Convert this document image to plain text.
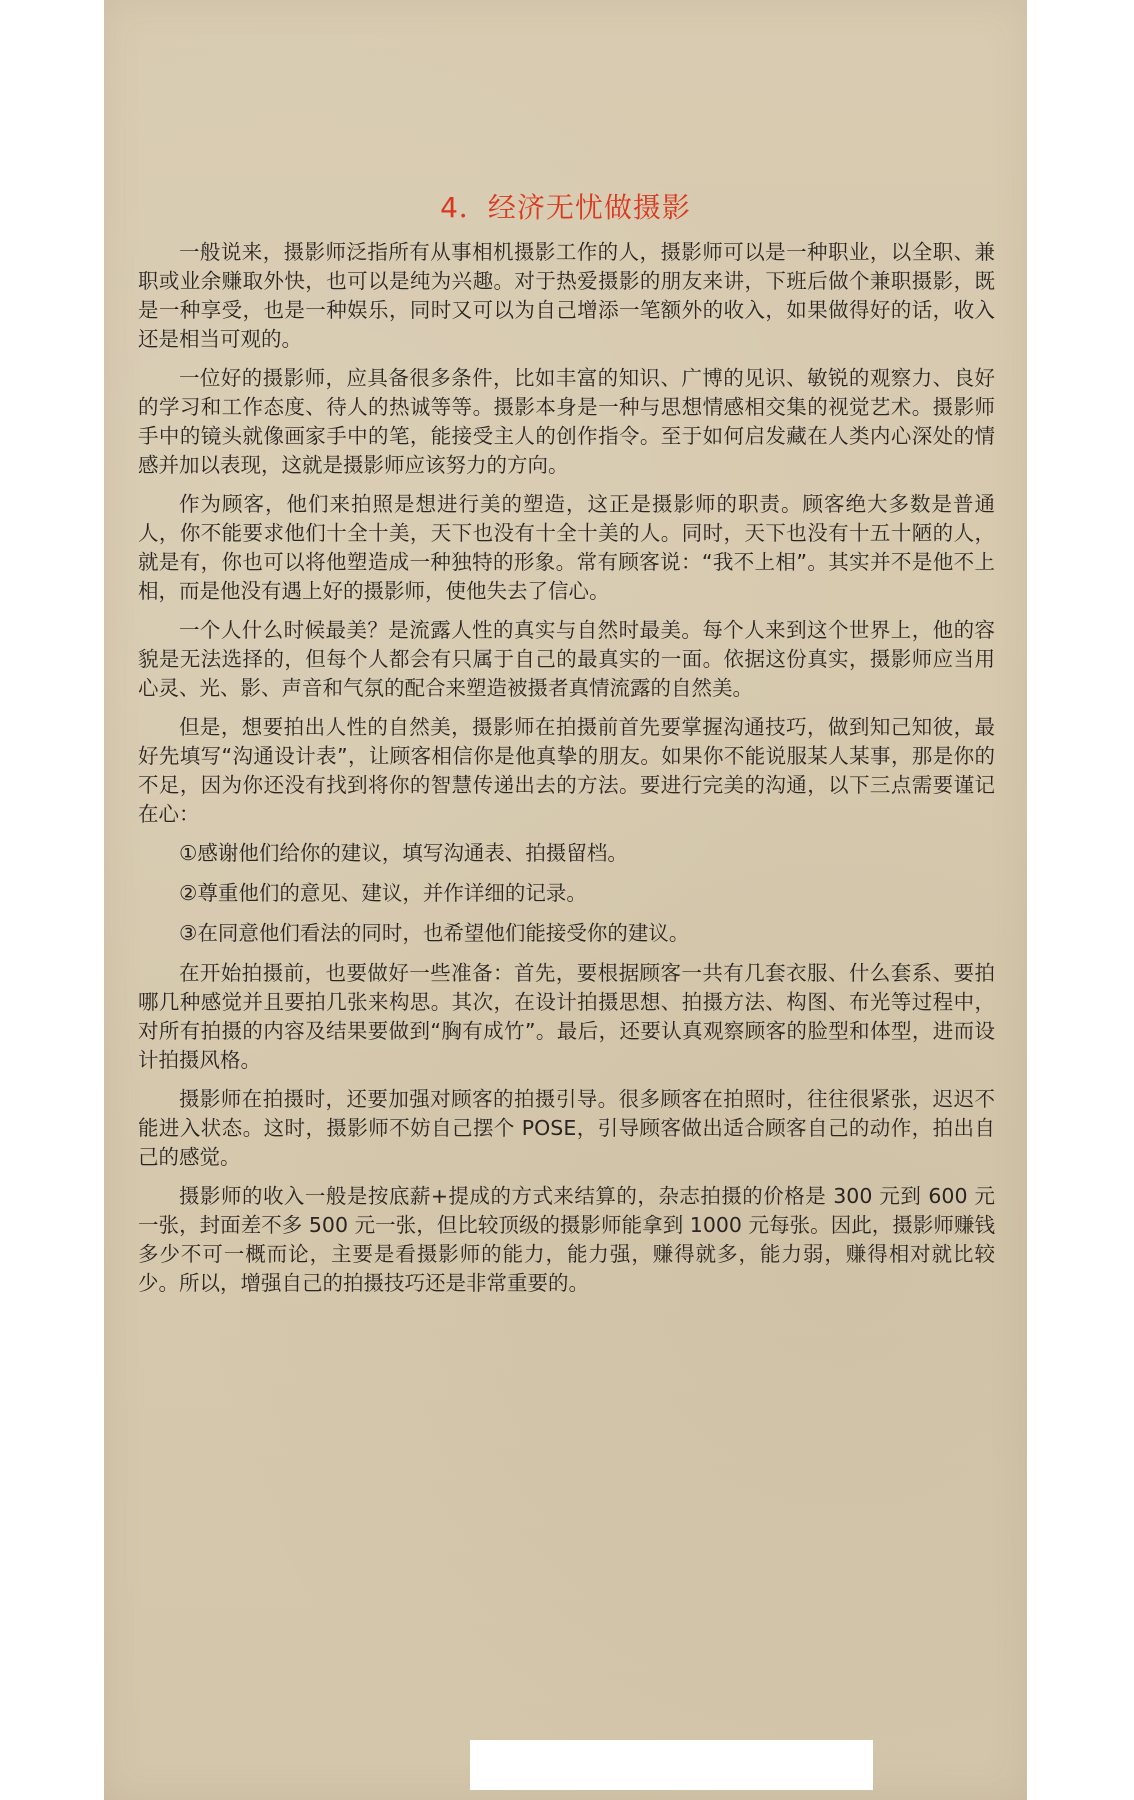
4．经济无忧做摄影

一般说来，摄影师泛指所有从事相机摄影工作的人，摄影师可以是一种职业，以全职、兼职或业余赚取外快，也可以是纯为兴趣。对于热爱摄影的朋友来讲，下班后做个兼职摄影，既是一种享受，也是一种娱乐，同时又可以为自己增添一笔额外的收入，如果做得好的话，收入还是相当可观的。

一位好的摄影师，应具备很多条件，比如丰富的知识、广博的见识、敏锐的观察力、良好的学习和工作态度、待人的热诚等等。摄影本身是一种与思想情感相交集的视觉艺术。摄影师手中的镜头就像画家手中的笔，能接受主人的创作指令。至于如何启发藏在人类内心深处的情感并加以表现，这就是摄影师应该努力的方向。

作为顾客，他们来拍照是想进行美的塑造，这正是摄影师的职责。顾客绝大多数是普通人，你不能要求他们十全十美，天下也没有十全十美的人。同时，天下也没有十五十陋的人，就是有，你也可以将他塑造成一种独特的形象。常有顾客说：“我不上相”。其实并不是他不上相，而是他没有遇上好的摄影师，使他失去了信心。

一个人什么时候最美？是流露人性的真实与自然时最美。每个人来到这个世界上，他的容貌是无法选择的，但每个人都会有只属于自己的最真实的一面。依据这份真实，摄影师应当用心灵、光、影、声音和气氛的配合来塑造被摄者真情流露的自然美。

但是，想要拍出人性的自然美，摄影师在拍摄前首先要掌握沟通技巧，做到知己知彼，最好先填写“沟通设计表”，让顾客相信你是他真挚的朋友。如果你不能说服某人某事，那是你的不足，因为你还没有找到将你的智慧传递出去的方法。要进行完美的沟通，以下三点需要谨记在心：

①感谢他们给你的建议，填写沟通表、拍摄留档。

②尊重他们的意见、建议，并作详细的记录。

③在同意他们看法的同时，也希望他们能接受你的建议。

在开始拍摄前，也要做好一些准备：首先，要根据顾客一共有几套衣服、什么套系、要拍哪几种感觉并且要拍几张来构思。其次，在设计拍摄思想、拍摄方法、构图、布光等过程中，对所有拍摄的内容及结果要做到“胸有成竹”。最后，还要认真观察顾客的脸型和体型，进而设计拍摄风格。

摄影师在拍摄时，还要加强对顾客的拍摄引导。很多顾客在拍照时，往往很紧张，迟迟不能进入状态。这时，摄影师不妨自己摆个 POSE，引导顾客做出适合顾客自己的动作，拍出自己的感觉。

摄影师的收入一般是按底薪+提成的方式来结算的，杂志拍摄的价格是 300 元到 600 元一张，封面差不多 500 元一张，但比较顶级的摄影师能拿到 1000 元每张。因此，摄影师赚钱多少不可一概而论，主要是看摄影师的能力，能力强，赚得就多，能力弱，赚得相对就比较少。所以，增强自己的拍摄技巧还是非常重要的。
